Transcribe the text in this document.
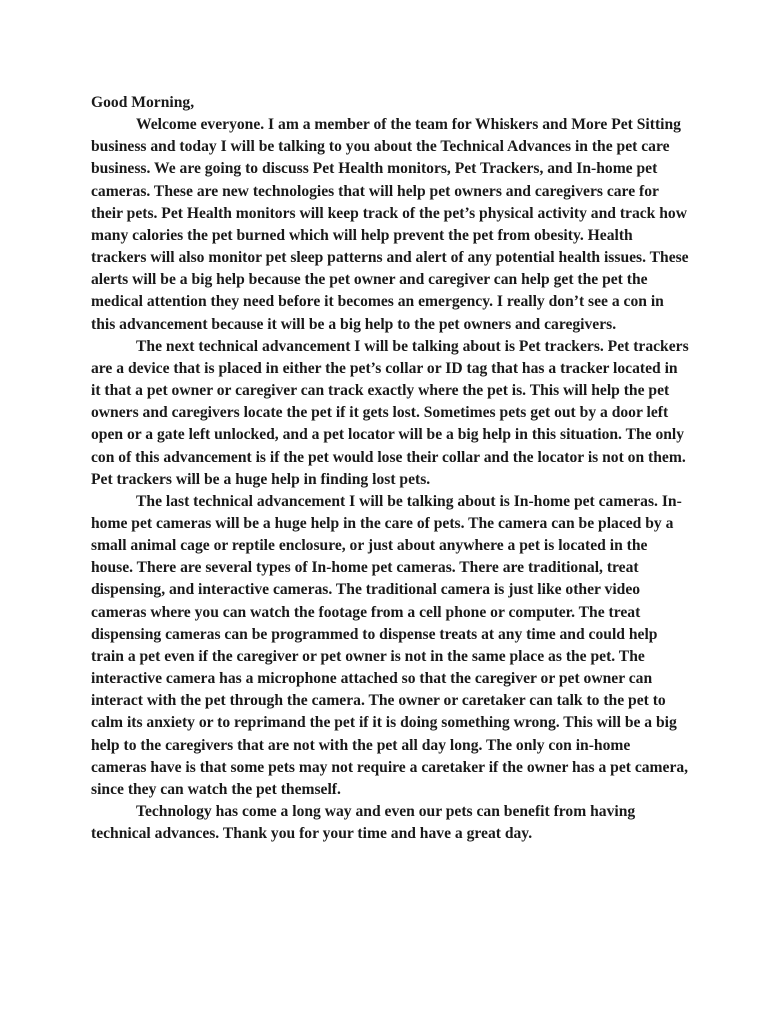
Good Morning,

Welcome everyone. I am a member of the team for Whiskers and More Pet Sitting business and today I will be talking to you about the Technical Advances in the pet care business. We are going to discuss Pet Health monitors, Pet Trackers, and In-home pet cameras. These are new technologies that will help pet owners and caregivers care for their pets. Pet Health monitors will keep track of the pet’s physical activity and track how many calories the pet burned which will help prevent the pet from obesity. Health trackers will also monitor pet sleep patterns and alert of any potential health issues. These alerts will be a big help because the pet owner and caregiver can help get the pet the medical attention they need before it becomes an emergency. I really don’t see a con in this advancement because it will be a big help to the pet owners and caregivers.

The next technical advancement I will be talking about is Pet trackers. Pet trackers are a device that is placed in either the pet’s collar or ID tag that has a tracker located in it that a pet owner or caregiver can track exactly where the pet is. This will help the pet owners and caregivers locate the pet if it gets lost. Sometimes pets get out by a door left open or a gate left unlocked, and a pet locator will be a big help in this situation. The only con of this advancement is if the pet would lose their collar and the locator is not on them. Pet trackers will be a huge help in finding lost pets.

The last technical advancement I will be talking about is In-home pet cameras. In-home pet cameras will be a huge help in the care of pets. The camera can be placed by a small animal cage or reptile enclosure, or just about anywhere a pet is located in the house. There are several types of In-home pet cameras. There are traditional, treat dispensing, and interactive cameras. The traditional camera is just like other video cameras where you can watch the footage from a cell phone or computer. The treat dispensing cameras can be programmed to dispense treats at any time and could help train a pet even if the caregiver or pet owner is not in the same place as the pet. The interactive camera has a microphone attached so that the caregiver or pet owner can interact with the pet through the camera. The owner or caretaker can talk to the pet to calm its anxiety or to reprimand the pet if it is doing something wrong. This will be a big help to the caregivers that are not with the pet all day long. The only con in-home cameras have is that some pets may not require a caretaker if the owner has a pet camera, since they can watch the pet themself.

Technology has come a long way and even our pets can benefit from having technical advances. Thank you for your time and have a great day.
